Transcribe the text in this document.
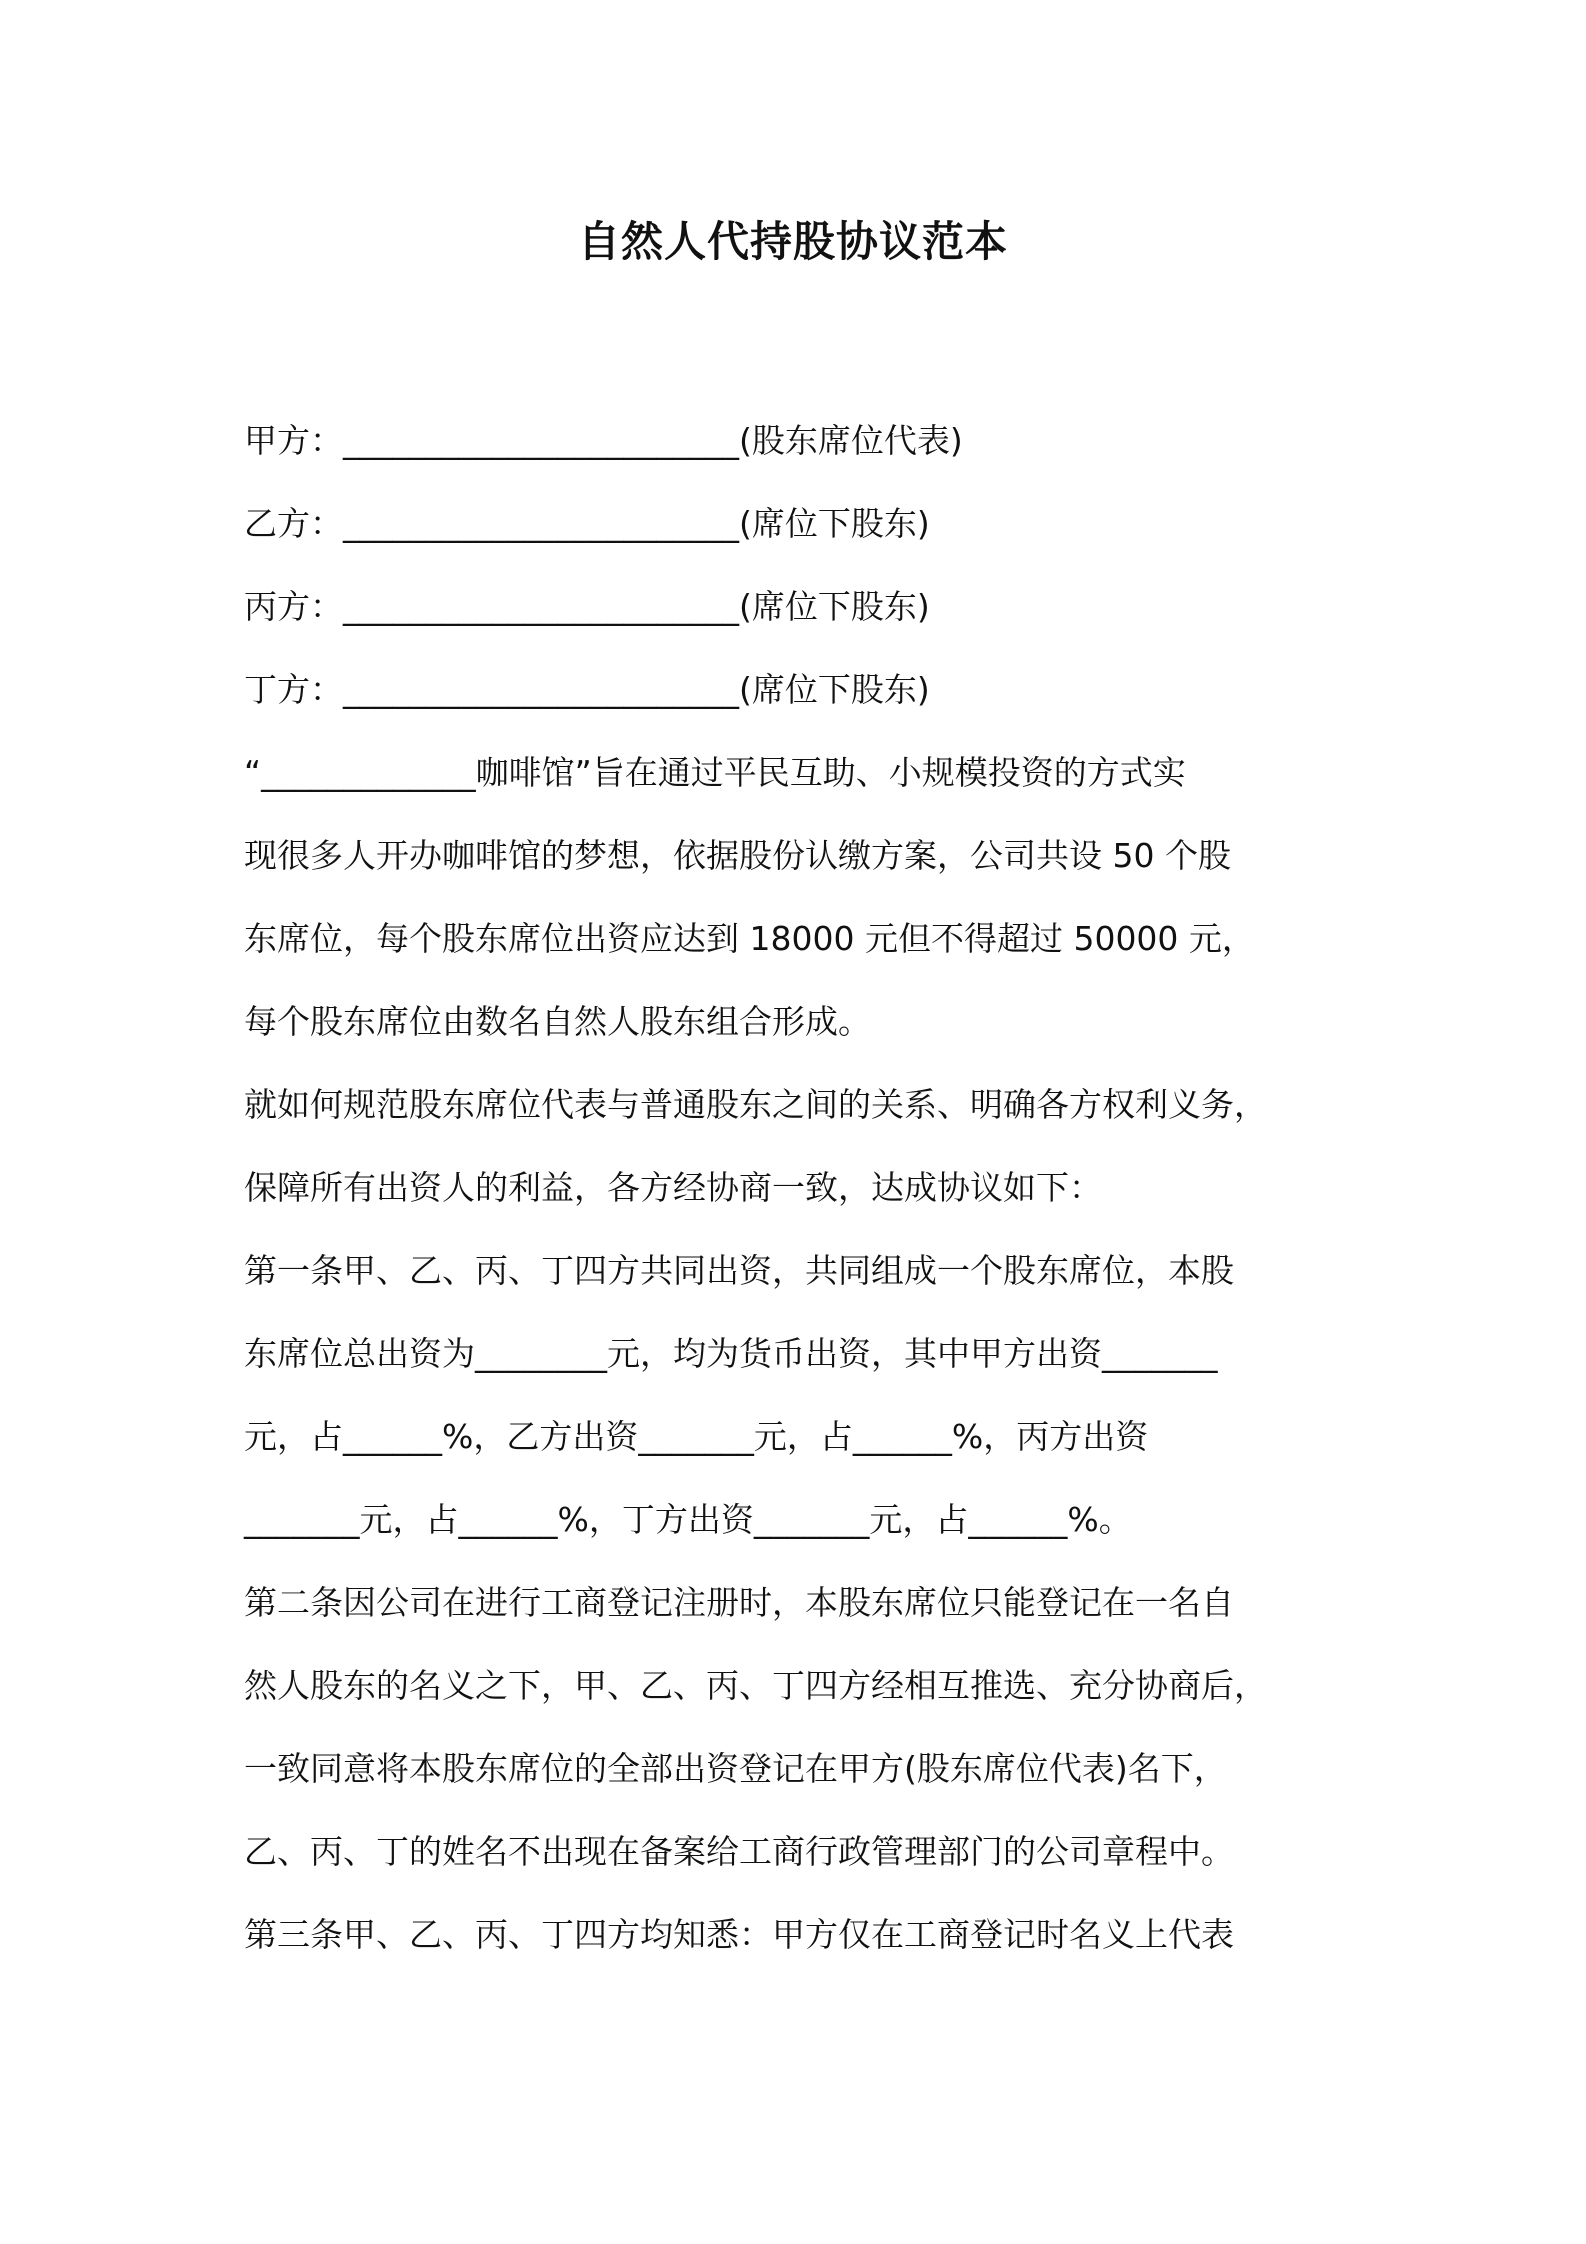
自然人代持股协议范本

甲方：________________________(股东席位代表)

乙方：________________________(席位下股东)

丙方：________________________(席位下股东)

丁方：________________________(席位下股东)

“_____________咖啡馆”旨在通过平民互助、小规模投资的方式实

现很多人开办咖啡馆的梦想，依据股份认缴方案，公司共设 50 个股

东席位，每个股东席位出资应达到 18000 元但不得超过 50000 元，

每个股东席位由数名自然人股东组合形成。

就如何规范股东席位代表与普通股东之间的关系、明确各方权利义务，

保障所有出资人的利益，各方经协商一致，达成协议如下：

第一条甲、乙、丙、丁四方共同出资，共同组成一个股东席位，本股

东席位总出资为________元，均为货币出资，其中甲方出资_______

元，占______%，乙方出资_______元，占______%，丙方出资

_______元，占______%，丁方出资_______元，占______%。

第二条因公司在进行工商登记注册时，本股东席位只能登记在一名自

然人股东的名义之下，甲、乙、丙、丁四方经相互推选、充分协商后，

一致同意将本股东席位的全部出资登记在甲方(股东席位代表)名下，

乙、丙、丁的姓名不出现在备案给工商行政管理部门的公司章程中。

第三条甲、乙、丙、丁四方均知悉：甲方仅在工商登记时名义上代表
